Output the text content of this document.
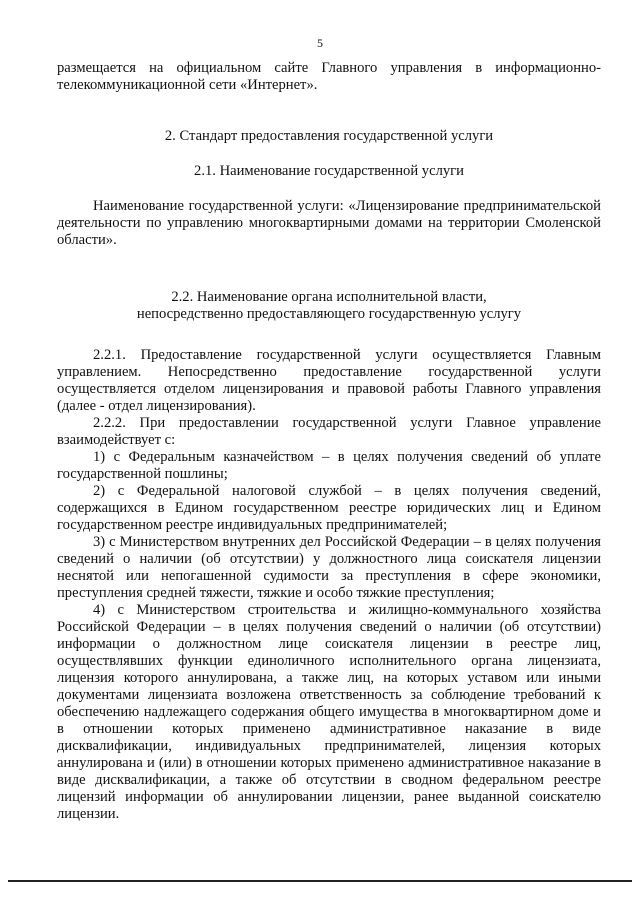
5

размещается на официальном сайте Главного управления в информационно-телекоммуникационной сети «Интернет».

2. Стандарт предоставления государственной услуги

2.1. Наименование государственной услуги

Наименование государственной услуги: «Лицензирование предпринимательской деятельности по управлению многоквартирными домами на территории Смоленской области».

2.2. Наименование органа исполнительной власти,

непосредственно предоставляющего государственную услугу

2.2.1. Предоставление государственной услуги осуществляется Главным управлением. Непосредственно предоставление государственной услуги осуществляется отделом лицензирования и правовой работы Главного управления (далее - отдел лицензирования).

2.2.2. При предоставлении государственной услуги Главное управление взаимодействует с:

1) с Федеральным казначейством – в целях получения сведений об уплате государственной пошлины;

2) с Федеральной налоговой службой – в целях получения сведений, содержащихся в Едином государственном реестре юридических лиц и Едином государственном реестре индивидуальных предпринимателей;

3) с Министерством внутренних дел Российской Федерации – в целях получения сведений о наличии (об отсутствии) у должностного лица соискателя лицензии неснятой или непогашенной судимости за преступления в сфере экономики, преступления средней тяжести, тяжкие и особо тяжкие преступления;

4) с Министерством строительства и жилищно-коммунального хозяйства Российской Федерации – в целях получения сведений о наличии (об отсутствии) информации о должностном лице соискателя лицензии в реестре лиц, осуществлявших функции единоличного исполнительного органа лицензиата, лицензия которого аннулирована, а также лиц, на которых уставом или иными документами лицензиата возложена ответственность за соблюдение требований к обеспечению надлежащего содержания общего имущества в многоквартирном доме и в отношении которых применено административное наказание в виде дисквалификации, индивидуальных предпринимателей, лицензия которых аннулирована и (или) в отношении которых применено административное наказание в виде дисквалификации, а также об отсутствии в сводном федеральном реестре лицензий информации об аннулировании лицензии, ранее выданной соискателю лицензии.
